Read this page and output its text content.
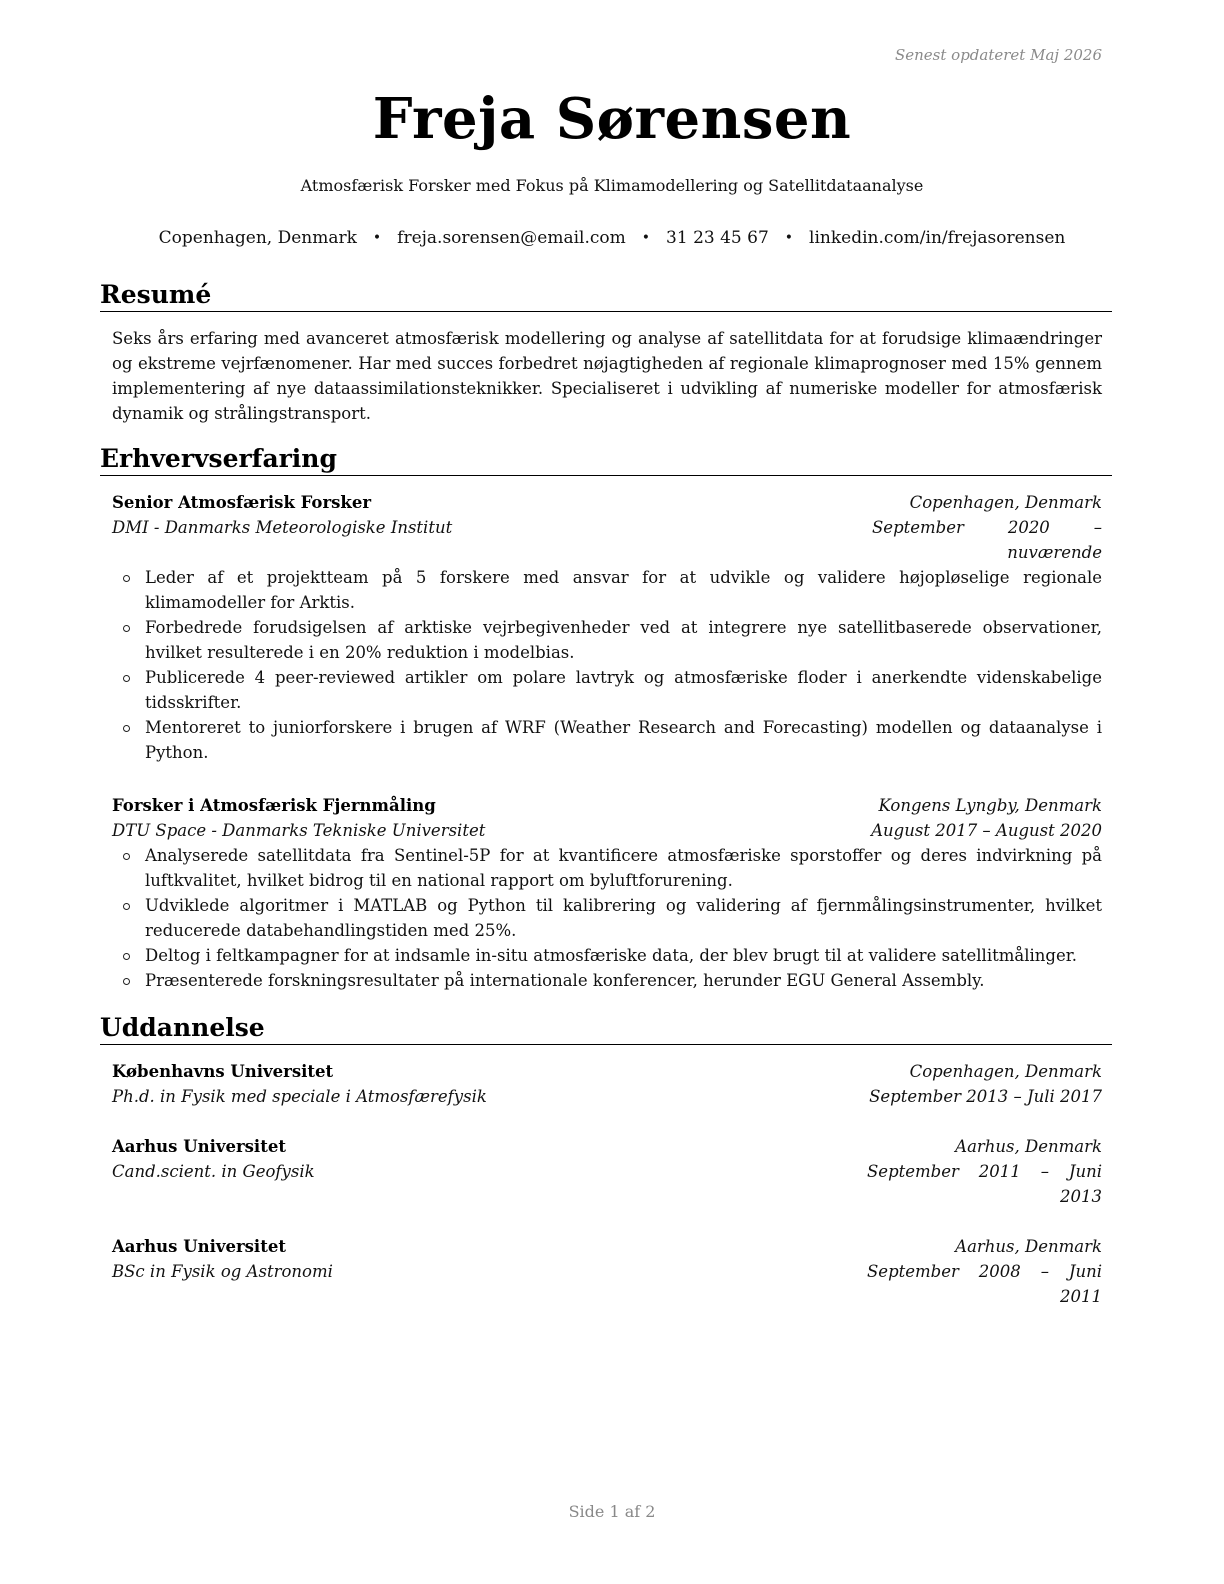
Senest opdateret Maj 2026
Freja Sørensen
Atmosfærisk Forsker med Fokus på Klimamodellering og Satellitdataanalyse
Copenhagen, Denmark • freja.sorensen@email.com • 31 23 45 67 • linkedin.com/in/frejasorensen
Resumé
Seks års erfaring med avanceret atmosfærisk modellering og analyse af satellitdata for at forudsige klimaændringer og ekstreme vejrfænomener. Har med succes forbedret nøjagtigheden af regionale klimaprognoser med 15% gennem implementering af nye dataassimilationsteknikker. Specialiseret i udvikling af numeriske modeller for atmosfærisk dynamik og strålingstransport.
Erhvervserfaring
Senior Atmosfærisk Forsker	Copenhagen, Denmark
DMI - Danmarks Meteorologiske Institut	September 2020 – nuværende
Leder af et projektteam på 5 forskere med ansvar for at udvikle og validere højopløselige regionale klimamodeller for Arktis.
Forbedrede forudsigelsen af arktiske vejrbegivenheder ved at integrere nye satellitbaserede observationer, hvilket resulterede i en 20% reduktion i modelbias.
Publicerede 4 peer-reviewed artikler om polare lavtryk og atmosfæriske floder i anerkendte videnskabelige tidsskrifter.
Mentoreret to juniorforskere i brugen af WRF (Weather Research and Forecasting) modellen og dataanalyse i Python.
Forsker i Atmosfærisk Fjernmåling	Kongens Lyngby, Denmark
DTU Space - Danmarks Tekniske Universitet	August 2017 – August 2020
Analyserede satellitdata fra Sentinel-5P for at kvantificere atmosfæriske sporstoffer og deres indvirkning på luftkvalitet, hvilket bidrog til en national rapport om byluftforurening.
Udviklede algoritmer i MATLAB og Python til kalibrering og validering af fjernmålingsinstrumenter, hvilket reducerede databehandlingstiden med 25%.
Deltog i feltkampagner for at indsamle in-situ atmosfæriske data, der blev brugt til at validere satellitmålinger.
Præsenterede forskningsresultater på internationale konferencer, herunder EGU General Assembly.
Uddannelse
Københavns Universitet	Copenhagen, Denmark
Ph.d. in Fysik med speciale i Atmosfærefysik	September 2013 – Juli 2017
Aarhus Universitet	Aarhus, Denmark
Cand.scient. in Geofysik	September 2011 – Juni 2013
Aarhus Universitet	Aarhus, Denmark
BSc in Fysik og Astronomi	September 2008 – Juni 2011
Side 1 af 2
